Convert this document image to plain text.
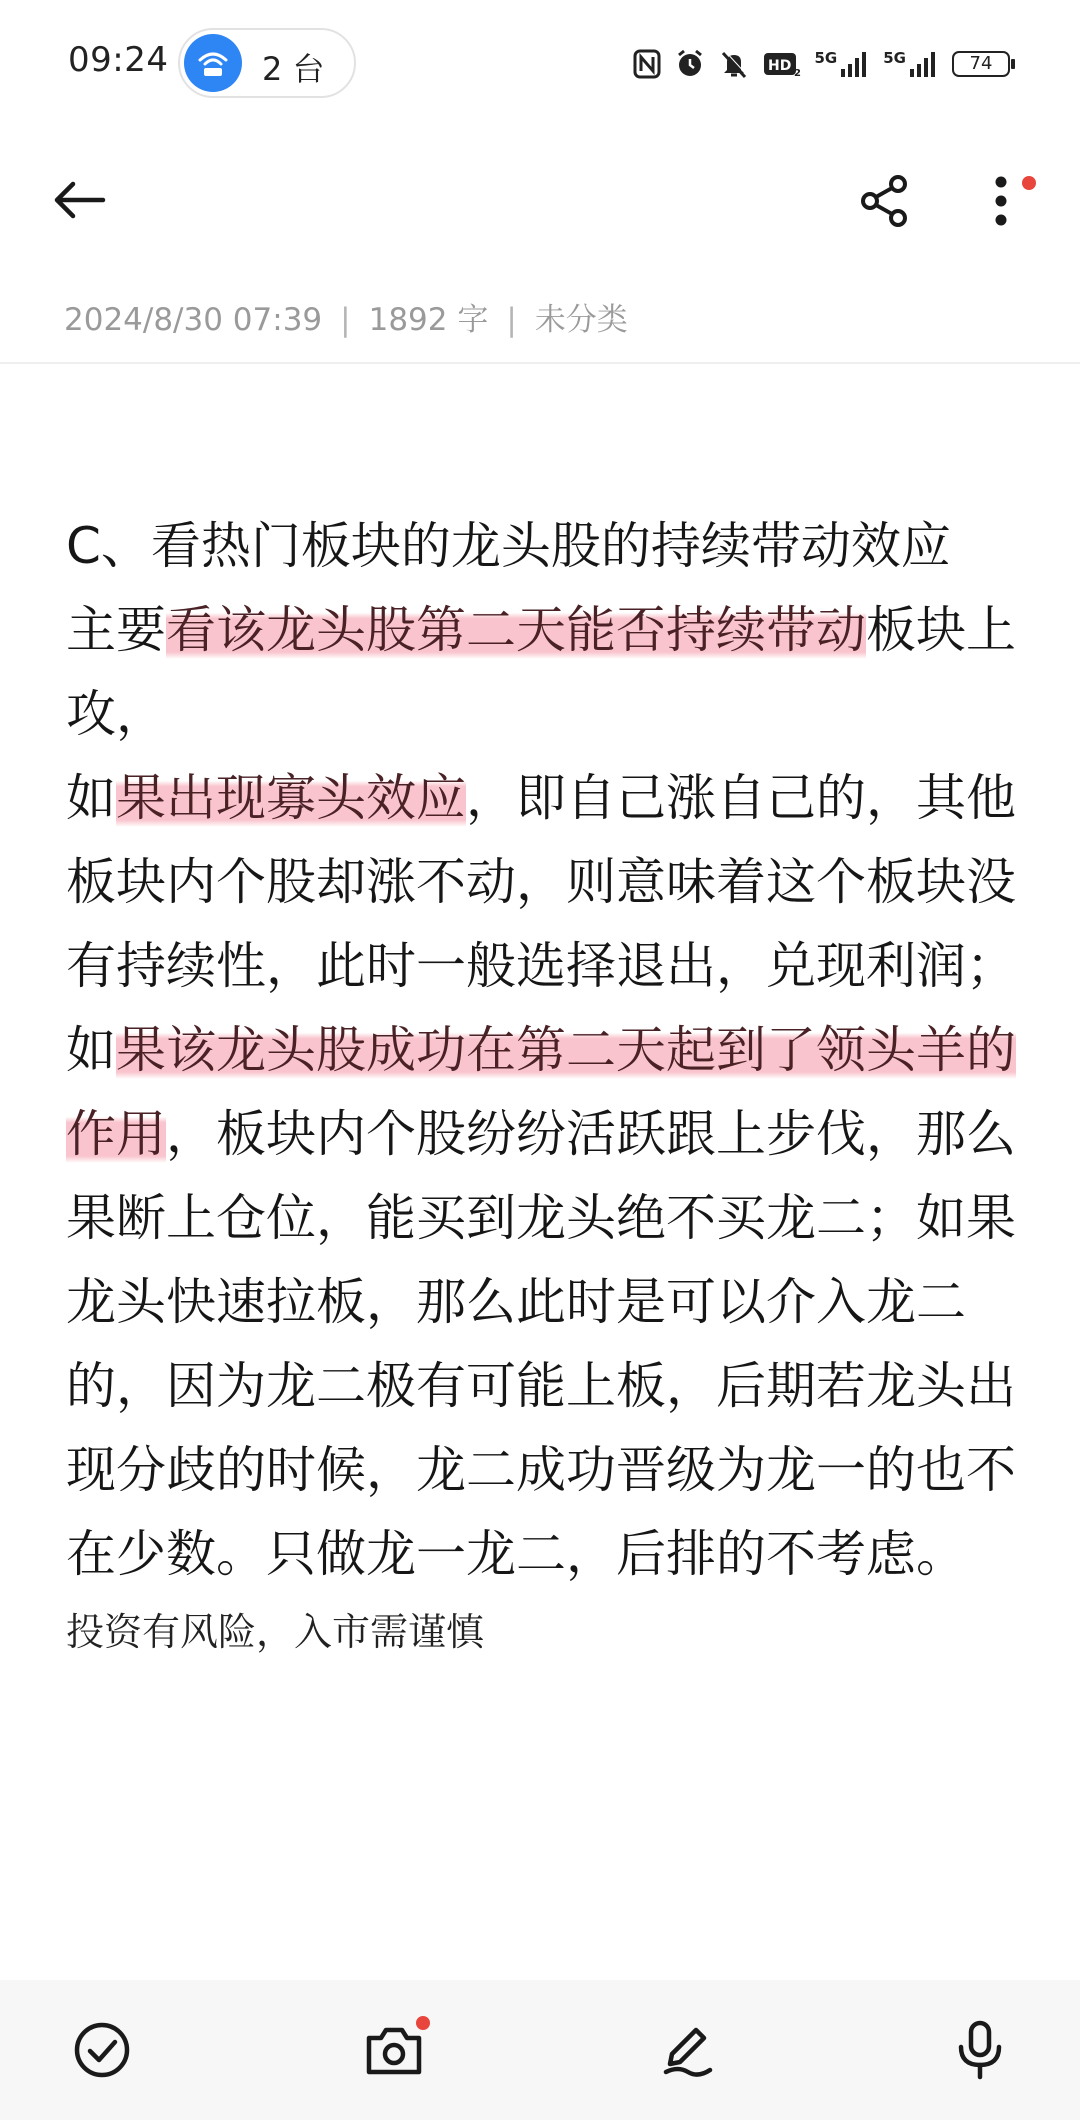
09:24	2 台	HD 2
5G	5G	74
2024/8/30 07:39 | 1892 字 | 未分类

C、看热门板块的龙头股的持续带动效应

主要看该龙头股第二天能否持续带动板块上攻，

如果出现寡头效应，即自己涨自己的，其他板块内个股却涨不动，则意味着这个板块没有持续性，此时一般选择退出，兑现利润；

如果该龙头股成功在第二天起到了领头羊的作用，板块内个股纷纷活跃跟上步伐，那么果断上仓位，能买到龙头绝不买龙二；如果龙头快速拉板，那么此时是可以介入龙二的，因为龙二极有可能上板，后期若龙头出现分歧的时候，龙二成功晋级为龙一的也不在少数。只做龙一龙二，后排的不考虑。

投资有风险，入市需谨慎
